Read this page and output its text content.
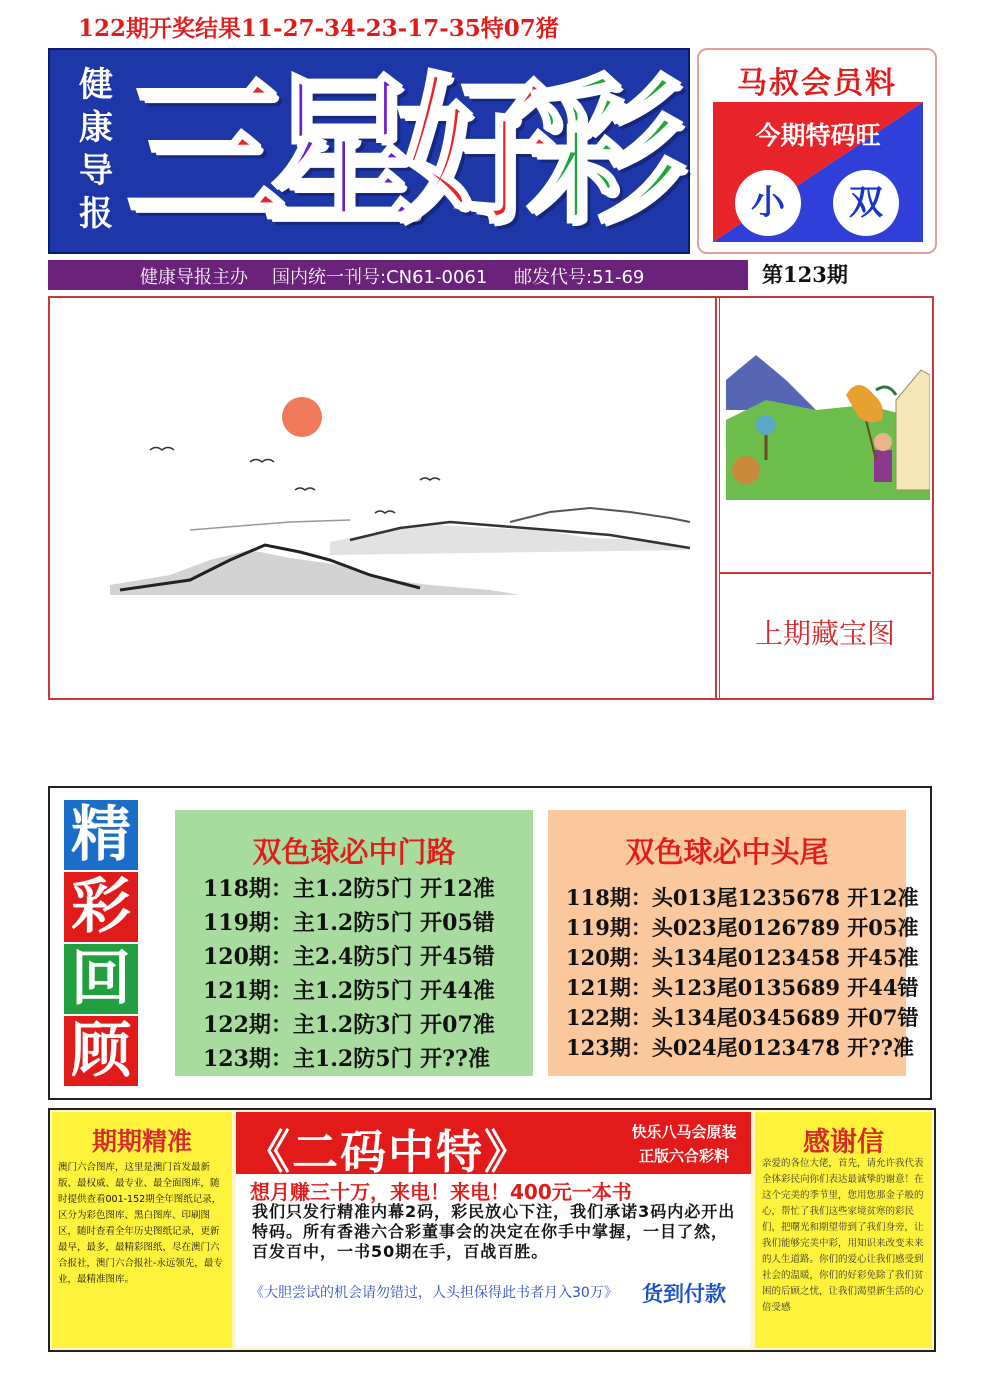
122期开奖结果11-27-34-23-17-35特07猪
健
康
导
报 三
星
好
彩	马叔会员料
今期特码旺
小	双
健康导报主办 国内统一刊号:CN61-0061 邮发代号:51-69	第123期
上期藏宝图
精
彩
回
顾
双色球必中门路
118期：主1.2防5门 开12准
119期：主1.2防5门 开05错
120期：主2.4防5门 开45错
121期：主1.2防5门 开44准
122期：主1.2防3门 开07准
123期：主1.2防5门 开??准
双色球必中头尾
118期：头013尾1235678 开12准
119期：头023尾0126789 开05准
120期：头134尾0123458 开45准
121期：头123尾0135689 开44错
122期：头134尾0345689 开07错
123期：头024尾0123478 开??准
《二码中特》	快乐八马会原装
正版六合彩料
想月赚三十万，来电！来电！400元一本书
我们只发行精准内幕2码，彩民放心下注，我们承诺3码内必开出特码。所有香港六合彩董事会的决定在你手中掌握，一目了然，百发百中，一书50期在手，百战百胜。
《大胆尝试的机会请勿错过，人头担保得此书者月入30万》 货到付款
期期精准
澳门六合图库，这里是澳门首发最新版、最权威、最专业、最全面图库，随时提供查看001-152期全年图纸记录，区分为彩色图库、黑白图库、印刷图区，随时查看全年历史图纸记录，更新最早，最多，最精彩图纸，尽在澳门六合报社，澳门六合报社-永远领先，最专业，最精准图库。
感谢信
亲爱的各位大佬，首先，请允许我代表全体彩民向你们表达最诚挚的谢意！在这个完美的季节里，您用您那金子般的心，帮忙了我们这些家境贫寒的彩民们，把曙光和期望带到了我们身旁，让我们能够完美中彩，用知识来改变未来的人生道路。你们的爱心让我们感受到社会的温暖，你们的好彩免除了我们贫困的后顾之忧，让我们渴望新生活的心倍受感
